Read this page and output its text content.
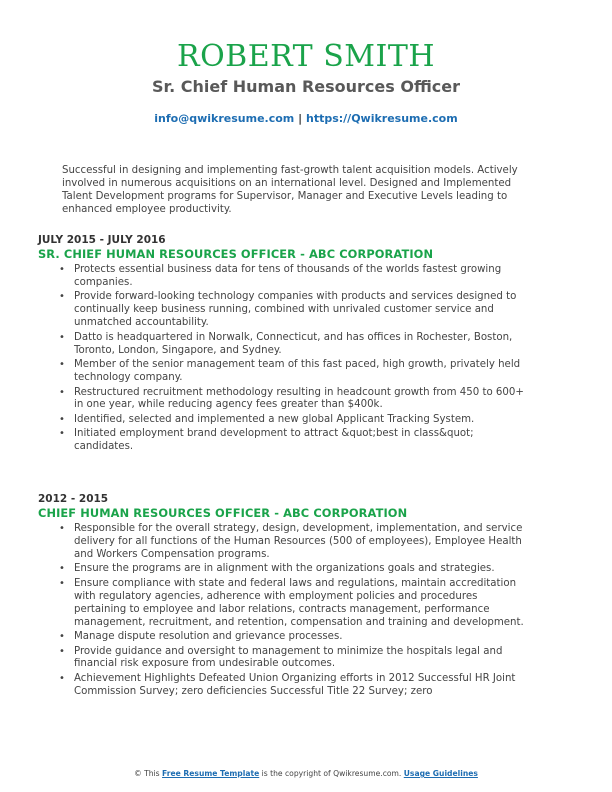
ROBERT SMITH
Sr. Chief Human Resources Officer
info@qwikresume.com | https://Qwikresume.com
Successful in designing and implementing fast-growth talent acquisition models. Actively involved in numerous acquisitions on an international level. Designed and Implemented Talent Development programs for Supervisor, Manager and Executive Levels leading to enhanced employee productivity.
JULY 2015 - JULY 2016
SR. CHIEF HUMAN RESOURCES OFFICER - ABC CORPORATION
• Protects essential business data for tens of thousands of the worlds fastest growing companies.
• Provide forward-looking technology companies with products and services designed to continually keep business running, combined with unrivaled customer service and unmatched accountability.
• Datto is headquartered in Norwalk, Connecticut, and has offices in Rochester, Boston, Toronto, London, Singapore, and Sydney.
• Member of the senior management team of this fast paced, high growth, privately held technology company.
• Restructured recruitment methodology resulting in headcount growth from 450 to 600+ in one year, while reducing agency fees greater than $400k.
• Identified, selected and implemented a new global Applicant Tracking System.
• Initiated employment brand development to attract &quot;best in class&quot; candidates.
2012 - 2015
CHIEF HUMAN RESOURCES OFFICER - ABC CORPORATION
• Responsible for the overall strategy, design, development, implementation, and service delivery for all functions of the Human Resources (500 of employees), Employee Health and Workers Compensation programs.
• Ensure the programs are in alignment with the organizations goals and strategies.
• Ensure compliance with state and federal laws and regulations, maintain accreditation with regulatory agencies, adherence with employment policies and procedures pertaining to employee and labor relations, contracts management, performance management, recruitment, and retention, compensation and training and development.
• Manage dispute resolution and grievance processes.
• Provide guidance and oversight to management to minimize the hospitals legal and financial risk exposure from undesirable outcomes.
• Achievement Highlights Defeated Union Organizing efforts in 2012 Successful HR Joint Commission Survey; zero deficiencies Successful Title 22 Survey; zero
© This Free Resume Template is the copyright of Qwikresume.com. Usage Guidelines
